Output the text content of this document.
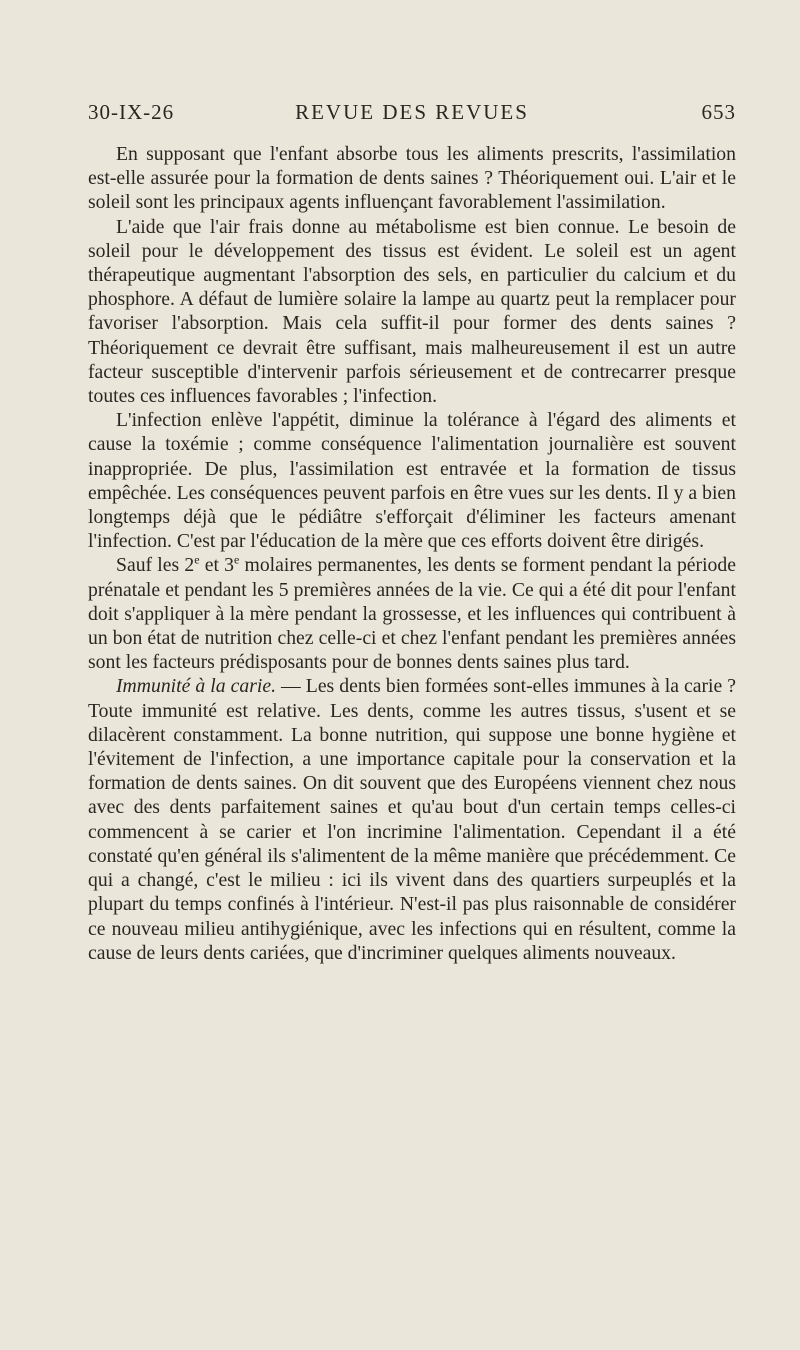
30-IX-26	REVUE DES REVUES	653

En supposant que l'enfant absorbe tous les aliments prescrits, l'assimilation est-elle assurée pour la formation de dents saines ? Théoriquement oui. L'air et le soleil sont les principaux agents influençant favorablement l'assimilation.

L'aide que l'air frais donne au métabolisme est bien connue. Le besoin de soleil pour le développement des tissus est évident. Le soleil est un agent thérapeutique augmentant l'absorption des sels, en particulier du calcium et du phosphore. A défaut de lumière solaire la lampe au quartz peut la remplacer pour favoriser l'absorption. Mais cela suffit-il pour former des dents saines ? Théoriquement ce devrait être suffisant, mais malheureusement il est un autre facteur susceptible d'intervenir parfois sérieusement et de contrecarrer presque toutes ces influences favorables ; l'infection.

L'infection enlève l'appétit, diminue la tolérance à l'égard des aliments et cause la toxémie ; comme conséquence l'alimentation journalière est souvent inappropriée. De plus, l'assimilation est entravée et la formation de tissus empêchée. Les conséquences peuvent parfois en être vues sur les dents. Il y a bien longtemps déjà que le pédiâtre s'efforçait d'éliminer les facteurs amenant l'infection. C'est par l'éducation de la mère que ces efforts doivent être dirigés.

Sauf les 2e et 3e molaires permanentes, les dents se forment pendant la période prénatale et pendant les 5 premières années de la vie. Ce qui a été dit pour l'enfant doit s'appliquer à la mère pendant la grossesse, et les influences qui contribuent à un bon état de nutrition chez celle-ci et chez l'enfant pendant les premières années sont les facteurs prédisposants pour de bonnes dents saines plus tard.

Immunité à la carie. — Les dents bien formées sont-elles immunes à la carie ? Toute immunité est relative. Les dents, comme les autres tissus, s'usent et se dilacèrent constamment. La bonne nutrition, qui suppose une bonne hygiène et l'évitement de l'infection, a une importance capitale pour la conservation et la formation de dents saines. On dit souvent que des Européens viennent chez nous avec des dents parfaitement saines et qu'au bout d'un certain temps celles-ci commencent à se carier et l'on incrimine l'alimentation. Cependant il a été constaté qu'en général ils s'alimentent de la même manière que précédemment. Ce qui a changé, c'est le milieu : ici ils vivent dans des quartiers surpeuplés et la plupart du temps confinés à l'intérieur. N'est-il pas plus raisonnable de considérer ce nouveau milieu antihygiénique, avec les infections qui en résultent, comme la cause de leurs dents cariées, que d'incriminer quelques aliments nouveaux.
